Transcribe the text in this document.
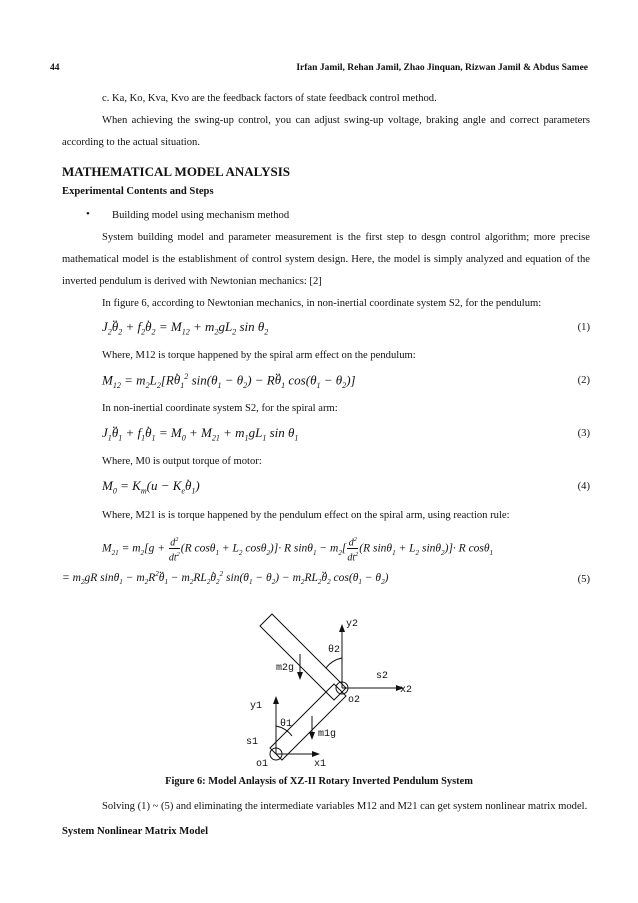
44	Irfan Jamil, Rehan Jamil, Zhao Jinquan, Rizwan Jamil & Abdus Samee
c. Ka, Ko, Kva, Kvo are the feedback factors of state feedback control method.
When achieving the swing-up control, you can adjust swing-up voltage, braking angle and correct parameters according to the actual situation.
MATHEMATICAL MODEL ANALYSIS
Experimental Contents and Steps
• Building model using mechanism method
System building model and parameter measurement is the first step to desgn control algorithm; more precise mathematical model is the establishment of control system design. Here, the model is simply analyzed and equation of the inverted pendulum is derived with Newtonian mechanics: [2]
In figure 6, according to Newtonian mechanics, in non-inertial coordinate system S2, for the pendulum:
$J_2$.. $\theta_2 + f_2$. $\theta_2 = M_{12} + m_2gL_2$ $\sin \theta_2$	(1)
Where, M12 is torque happened by the spiral arm effect on the pendulum:
$M_{12} = m_2L_2[R$. $\theta_1^2$ $\sin(\theta_1 - \theta_2) - R$.. $\theta_1$ $\cos(\theta_1 - \theta_2)$]	(2)
In non-inertial coordinate system S2, for the spiral arm:
$J_1$.. $\theta_1 + f_1$. $\theta_1 = M_0 + M_{21} + m_1gL_1$ $\sin \theta_1$	(3)
Where, M0 is output torque of motor:
$M_0 = K_m(u - K_e$. $\theta_1$)	(4)
Where, M21 is is torque happened by the pendulum effect on the spiral arm, using reaction rule:
$M_{21} = m_2[g + \frac{d^2}{dt^2} (R$ $\cos\theta_1 + L_2$ cosθ$_2$)]· R $\sin\theta_1 - m_2[ \frac{d^2}{dt^2} (R$ $\sin\theta_1 + L_2$ sinθ$_2$)]· R cosθ$_1$
= $m_2gR$ $\sin\theta_1 - m_2R^2$.. $\theta_1 - m_2RL_2$. $\theta_2^2$ $\sin(\theta_1 - \theta_2) - m_2RL_2$.. $\theta_2$ $\cos(\theta_1 - \theta_2)$	(5)
y2
θ2
s2
m2g
x2
o2
y1
θ1
s1
m1g
o1	x1
Figure 6: Model Anlaysis of XZ-II Rotary Inverted Pendulum System
Solving (1) ~ (5) and eliminating the intermediate variables M12 and M21 can get system nonlinear matrix model.
System Nonlinear Matrix Model
